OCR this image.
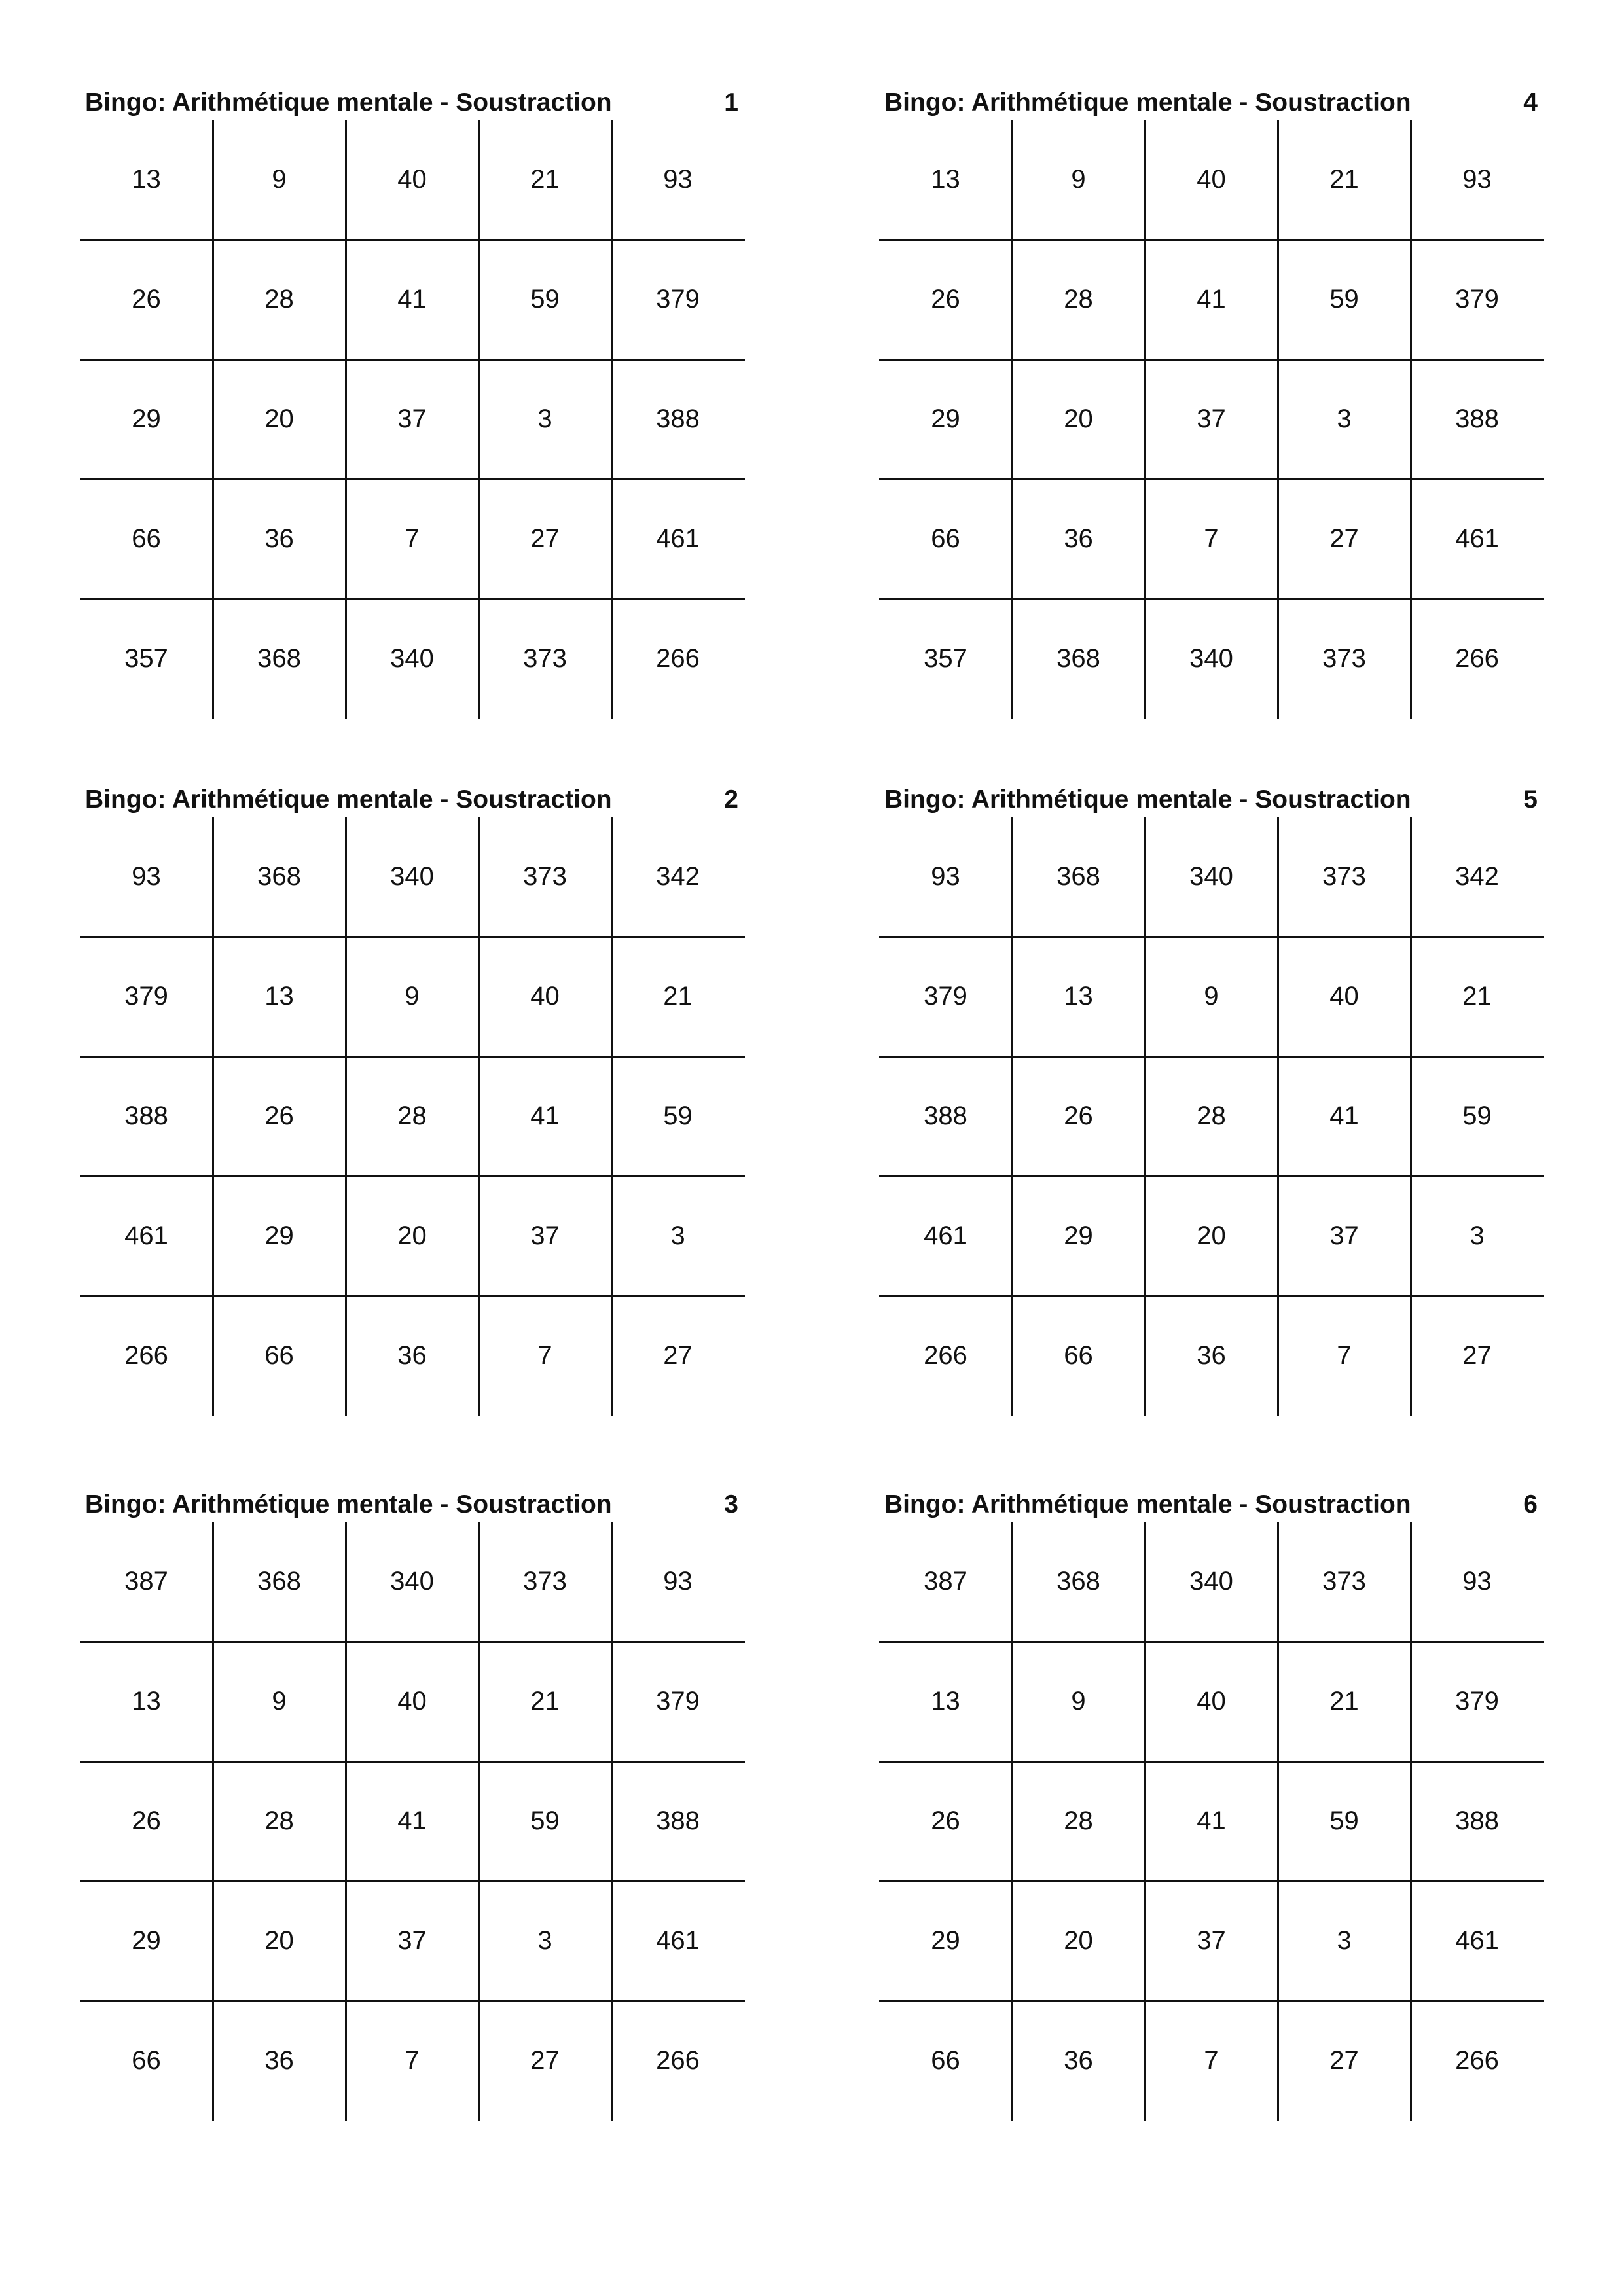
Bingo: Arithmétique mentale - Soustraction	1
13	9	40	21	93
26	28	41	59	379
29	20	37	3	388
66	36	7	27	461
357	368	340	373	266
Bingo: Arithmétique mentale - Soustraction	2
93	368	340	373	342
379	13	9	40	21
388	26	28	41	59
461	29	20	37	3
266	66	36	7	27
Bingo: Arithmétique mentale - Soustraction	3
387	368	340	373	93
13	9	40	21	379
26	28	41	59	388
29	20	37	3	461
66	36	7	27	266
Bingo: Arithmétique mentale - Soustraction	4
13	9	40	21	93
26	28	41	59	379
29	20	37	3	388
66	36	7	27	461
357	368	340	373	266
Bingo: Arithmétique mentale - Soustraction	5
93	368	340	373	342
379	13	9	40	21
388	26	28	41	59
461	29	20	37	3
266	66	36	7	27
Bingo: Arithmétique mentale - Soustraction	6
387	368	340	373	93
13	9	40	21	379
26	28	41	59	388
29	20	37	3	461
66	36	7	27	266
